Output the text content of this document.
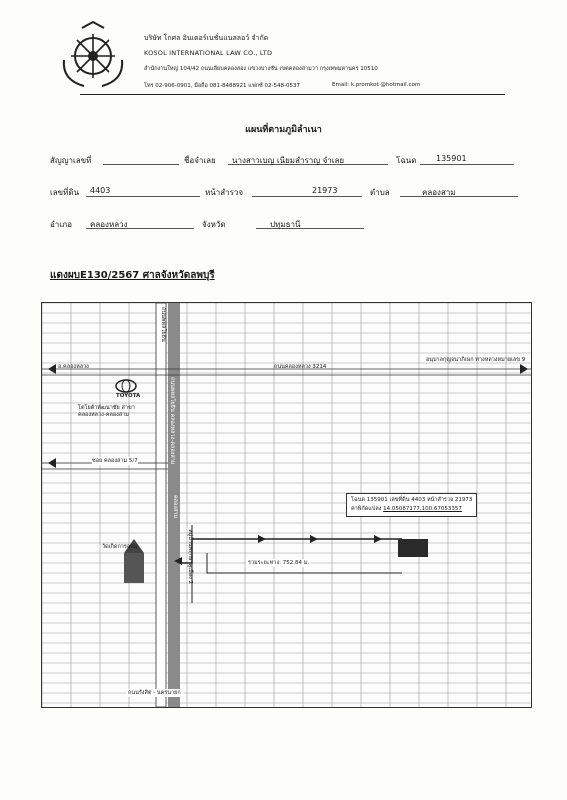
บริษัท โกศล อินเตอร์เนชั่นแนลลอว์ จำกัด
KOSOL INTERNATIONAL LAW CO., LTD
สำนักงานใหญ่ 104/42 ถนนเลียบคลองสอง แขวงบางชัน เขตคลองสามวา กรุงเทพมหานคร 10510
โทร 02-906-0901, มือถือ 081-8488921 แฟกซ์ 02-548-0537	Email: k.promkot @hotmail.com
แผนที่ตามภูมิลำเนา
สัญญาเลขที่	ชื่อจำเลย นางสาวเบญ เนียมสำราญ จำเลย	โฉนด 135901
เลขที่ดิน 4403	หน้าสำรวจ	21973	ตำบล	คลองสาม
อำเภอ คลองหลวง	จังหวัด	ปทุมธานี
แดงผบE130/2567 ศาลจังหวัดลพบุรี
ถนนพหลโยธิน
ถนนพหลโยธิน คลองหลวง-คลองสาม
อ.คลองหลวง	ถนนคลองหลวง 3214
อนุบาลกุญจนาภิเษก ทางหลวงหมายเลข 9
TOYOTA
โตโยต้าพัฒนาชัย สาขา คลองหลวง-คลองสาม
ซอย คลองสาม 5/7
คลองสาม
หมู่บ้านพฤกษาคูเมือง 2
วัดเกิดการอุดม
รวมระยะทาง: 752.84 ม.
โฉนด 135901 เลขที่ดิน 4403 หน้าสำรวจ 21973
ค่าพิกัดแปลง 14.05087177,100.67053357
ถนนรังสิต - นครนายก
